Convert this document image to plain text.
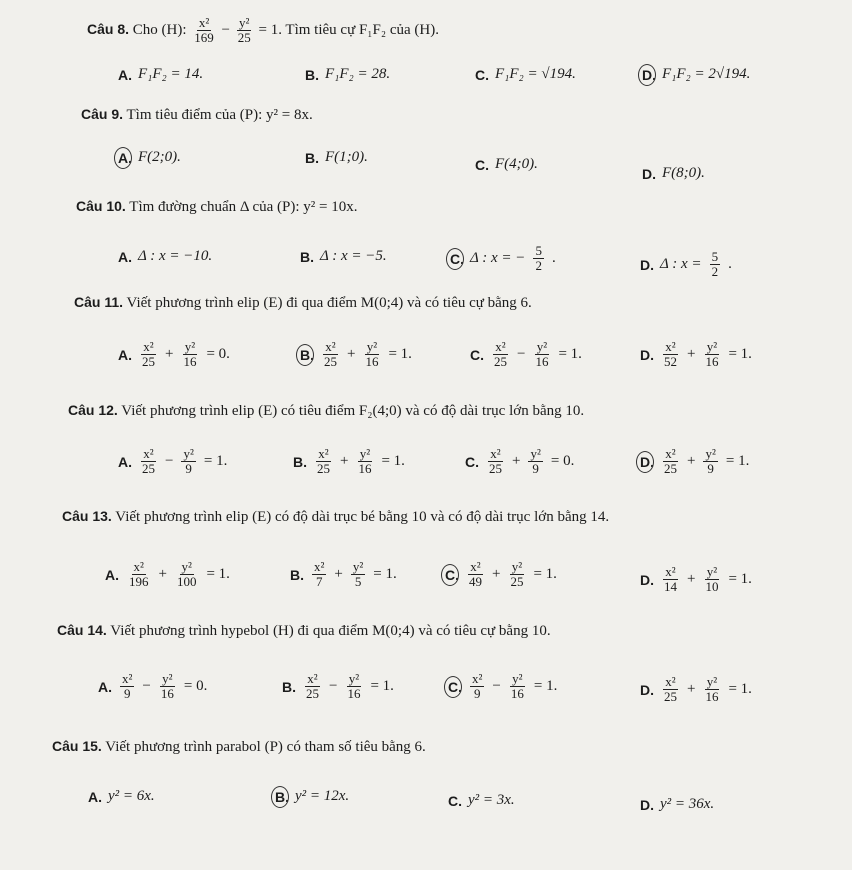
Câu 8. Cho (H): $\frac{\text{x²}}{169} - \frac{\text{y²}}{25} = 1$. Tìm tiêu cự F₁F₂ của (H).
A. F₁F₂ = 14.	B. F₁F₂ = 28.	C. F₁F₂ = √194.	D. F₁F₂ = 2√194.
Câu 9. Tìm tiêu điểm của (P): y² = 8x.
A. F(2;0).	B. F(1;0).	C. F(4;0).
D. F(8;0).
Câu 10. Tìm đường chuẩn Δ của (P): y² = 10x.
A. Δ : x = −10.	B. Δ : x = −5.	C. Δ : x = − $\frac{5}{2}$ .	D. Δ : $x = \frac{5}{2}$ .
Câu 11. Viết phương trình elip (E) đi qua điểm M(0;4) và có tiêu cự bằng 6.
A. $\frac{\text{x²}}{25} + \frac{\text{y²}}{16} = 0$.	B. $\frac{\text{x²}}{25} + \frac{\text{y²}}{16} = 1$.	C. $\frac{\text{x²}}{25} - \frac{\text{y²}}{16} = 1$.	D. $\frac{\text{x²}}{52} + \frac{\text{y²}}{16} = 1$.
Câu 12. Viết phương trình elip (E) có tiêu điểm F₂(4;0) và có độ dài trục lớn bằng 10.
A. $\frac{\text{x²}}{25} - \frac{\text{y²}}{9} = 1$.	B. $\frac{\text{x²}}{25} + \frac{\text{y²}}{16} = 1$.	C. $\frac{\text{x²}}{25} + \frac{\text{y²}}{9} = 0$.	D. $\frac{\text{x²}}{25} + \frac{\text{y²}}{9} = 1$.
Câu 13. Viết phương trình elip (E) có độ dài trục bé bằng 10 và có độ dài trục lớn bằng 14.
A. $\frac{\text{x²}}{196} + \frac{\text{y²}}{100} = 1$.	B. $\frac{\text{x²}}{7} + \frac{\text{y²}}{5} = 1$.	C. $\frac{\text{x²}}{49} + \frac{\text{y²}}{25} = 1$.	D. $\frac{\text{x²}}{14} + \frac{\text{y²}}{10} = 1$.
Câu 14. Viết phương trình hypebol (H) đi qua điểm M(0;4) và có tiêu cự bằng 10.
A. $\frac{\text{x²}}{9} - \frac{\text{y²}}{16} = 0$.	B. $\frac{\text{x²}}{25} - \frac{\text{y²}}{16} = 1$.	C. $\frac{\text{x²}}{9} - \frac{\text{y²}}{16} = 1$.	D. $\frac{\text{x²}}{25} + \frac{\text{y²}}{16} = 1$.
Câu 15. Viết phương trình parabol (P) có tham số tiêu bằng 6.
A. y² = 6x.	B. y² = 12x.	C. y² = 3x.	D. y² = 36x.
